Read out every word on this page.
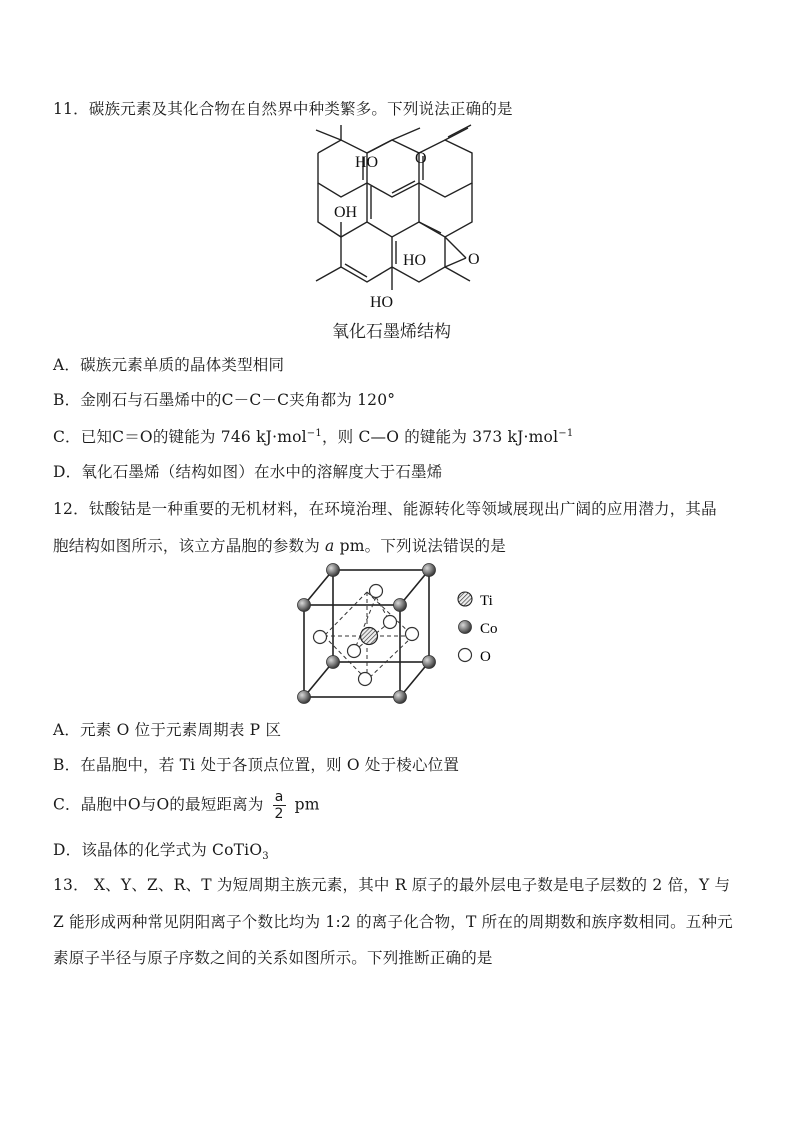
11．碳族元素及其化合物在自然界中种类繁多。下列说法正确的是
HO O
OH
HO	O
HO
氧化石墨烯结构
A．碳族元素单质的晶体类型相同
B．金刚石与石墨烯中的C－C－C夹角都为 120°
C．已知C＝O的键能为 746 kJ·mol$^{-1}$，则 C—O 的键能为 373 kJ·mol$^{-1}$
D．氧化石墨烯（结构如图）在水中的溶解度大于石墨烯
12．钛酸钴是一种重要的无机材料，在环境治理、能源转化等领域展现出广阔的应用潜力，其晶
胞结构如图所示，该立方晶胞的参数为 a pm。下列说法错误的是
Ti
Co
O
A．元素 O 位于元素周期表 P 区
B．在晶胞中，若 Ti 处于各顶点位置，则 O 处于棱心位置
C．晶胞中O与O的最短距离为 $\frac{a}{2}$ pm
D．该晶体的化学式为 CoTiO$_3$
13． X、Y、Z、R、T 为短周期主族元素，其中 R 原子的最外层电子数是电子层数的 2 倍，Y 与
Z 能形成两种常见阴阳离子个数比均为 1:2 的离子化合物，T 所在的周期数和族序数相同。五种元
素原子半径与原子序数之间的关系如图所示。下列推断正确的是
